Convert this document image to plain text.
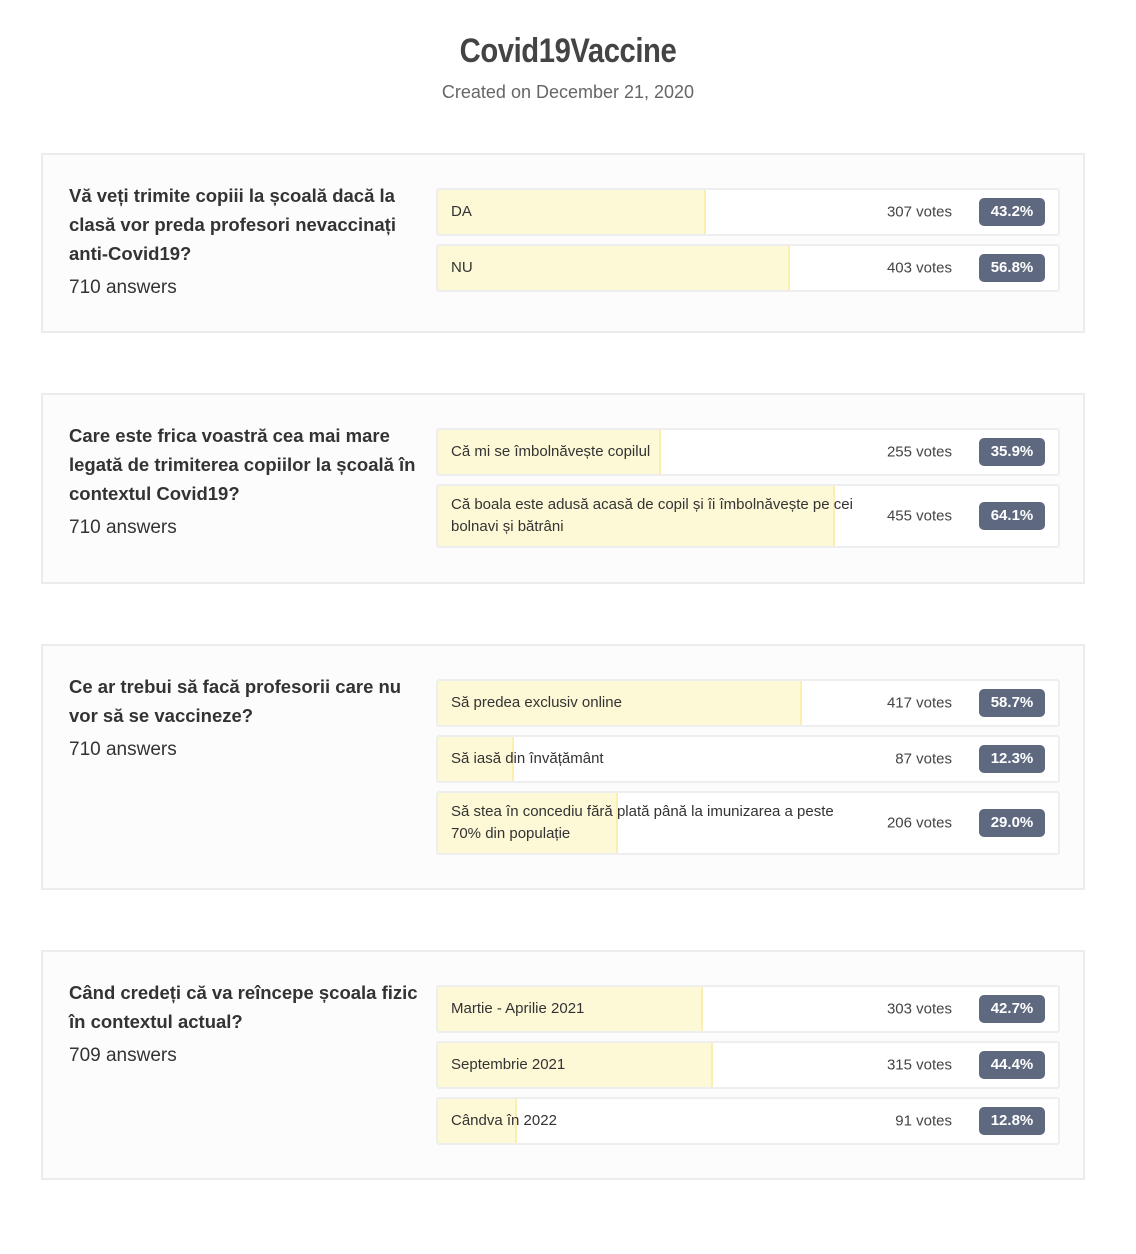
Covid19Vaccine
Created on December 21, 2020
Vă veți trimite copiii la școală dacă la clasă vor preda profesori nevaccinați anti-Covid19?
710 answers
DA	307 votes	43.2%
NU	403 votes	56.8%
Care este frica voastră cea mai mare legată de trimiterea copiilor la școală în contextul Covid19?
710 answers
Că mi se îmbolnăvește copilul	255 votes	35.9%
Că boala este adusă acasă de copil și îi îmbolnăvește pe cei bolnavi și bătrâni
455 votes	64.1%
Ce ar trebui să facă profesorii care nu vor să se vaccineze?
710 answers
Să predea exclusiv online	417 votes	58.7%
Să iasă din învățământ	87 votes	12.3%
Să stea în concediu fără plată până la imunizarea a peste 70% din populație
206 votes	29.0%
Când credeți că va reîncepe școala fizic în contextul actual?
709 answers
Martie - Aprilie 2021	303 votes	42.7%
Septembrie 2021	315 votes	44.4%
Cândva în 2022	91 votes	12.8%
